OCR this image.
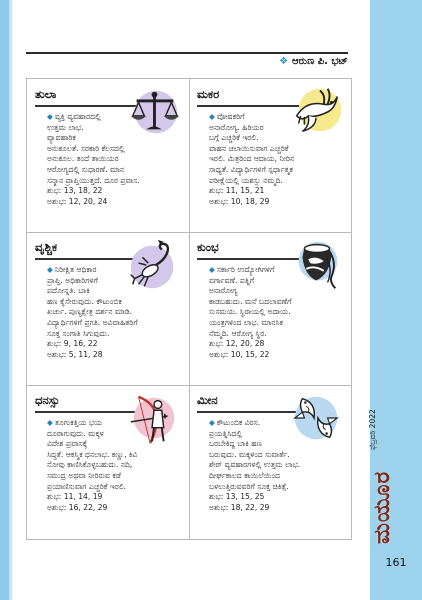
❖ ಆರುಣ ಪಿ. ಭಟ್
ತುಲಾ
◆ ವ್ಯಕ್ತಿ ವ್ಯವಹಾರದಲ್ಲಿ
ಉತ್ತಮ ಲಾಭ.
ವ್ಯಾವಹಾರಿಕ
ಅನುಕೂಲತೆ. ಸರಕಾರಿ ಕೆಲಸದಲ್ಲಿ
ಅನುಕೂಲ. ತಂದೆ ತಾಯಿಯರ
ಆರೋಗ್ಯದಲ್ಲಿ ಸುಧಾರಣೆ. ಮಾನ
ಸನ್ಮಾನ ಪ್ರಾಪ್ತಿಯುತ್ತದೆ. ದೂರ ಪ್ರವಾಸ.
ಶುಭ: 13, 18, 22
ಅಶುಭ: 12, 20, 24
ಮಕರ
◆ ವೋಷಕರಿಗೆ
ಅನಾರೋಗ್ಯ. ಹಿರಿಯರ
ಬಗ್ಗೆ ಎಚ್ಚರಿಕೆ ಇರಲಿ.
ವಾಹನ ಚಲಾಯಿಸುವಾಗ ಎಚ್ಚರಿಕೆ
ಇರಲಿ. ಮಿತ್ರರಿಂದ ಆದಾಯ, ನೀರಿನ
ಸಾಧ್ಯತೆ. ವಿದ್ಯಾರ್ಥಿಗಳಿಗೆ ಸ್ಪರ್ಧಾತ್ಮಕ
ಪರೀಕ್ಷೆಯಲ್ಲಿ ಯಶಸ್ಸು ನಮ್ಮದಿ.
ಶುಭ: 11, 15, 21
ಅಶುಭ: 10, 18, 29
ವೃಶ್ಚಿಕ
◆ ನಿರೀಕ್ಷಿತ ಆಧಿಕಾರ
ಪ್ರಾಪ್ತಿ. ಅಧಿಕಾರಿಗಳಿಗೆ
ಪದೋನ್ನತಿ. ಬಾಕಿ
ಹಣ ಕೈಸೇರುವುದು. ಕೌಟುಂಬಿಕ
ಖರ್ಚು. ಪುಣ್ಯಕ್ಷೇತ್ರ ದರ್ಶನ ಮಾಡಿ.
ವಿದ್ಯಾರ್ಥಿಗಳಿಗೆ ಪ್ರಗತಿ. ಅವಿವಾಹಿತರಿಗೆ
ಸೂಕ್ತ ಸಂಗಾತಿ ಸಿಗುವುದು.
ಶುಭ: 9, 16, 22
ಅಶುಭ: 5, 11, 28
ಕುಂಭ
◆ ಸರ್ಕಾರಿ ಉದ್ಯೋಗಿಗಳಿಗೆ
ವರ್ಗಾವಣೆ. ಪತ್ನಿಗೆ
ಅನಾರೋಗ್ಯ
ಕಾಡಬಹುದು. ಮನೆ ಬದಲಾವಣೆಗೆ
ಸುಸಮಯ. ಸ್ಥಿರಾಯಲ್ಲಿ ಅದಾಯ.
ಯಂತ್ರಗಳಿಂದ ಲಾಭ. ಮಾನಸಿಕ
ನೆಮ್ಮದಿ. ಆರೋಗ್ಯ ಸ್ಥಿರ.
ಶುಭ: 12, 20, 28
ಅಶುಭ: 10, 15, 22
ಧನಸ್ಸು
◆ ತೂಗುಕತ್ತಿಯ ಭಯ
ದೂರಾಗುವುದು. ಮಕ್ಕಳ
ವಿದೇಶ ಪ್ರವಾಸಕ್ಕೆ
ಸಿದ್ಧತೆ. ಆಕಸ್ಮಿಕ ಧನಲಾಭ. ಕಣ್ಣು, ಕಿವಿ
ನೋವು ಕಾಣಿಸಿಕೊಳ್ಳಬಹುದು. ನದಿ,
ಸಮುದ್ರ ಅಥವಾ ನೀರಿರುವ ಕಡೆ
ಪ್ರಯಾಣಿಸುವಾಗ ಎಚ್ಚರಿಕೆ ಇರಲಿ.
ಶುಭ: 11, 14, 19
ಅಶುಭ: 16, 22, 29
ಮೀನ
◆ ಕೌಟುಂಬಿಕ ವಿರಸ.
ಪ್ರಯತ್ನಿಸಿದಲ್ಲಿ
ಬರಬೇಕಿದ್ದ ಬಾಕಿ ಹಣ
ಬರುವುದು. ಮಕ್ಕಳಿಂದ ಸುವಾರ್ತೆ.
ಶೇರ್ ವ್ಯವಹಾರಗಳಲ್ಲಿ ಉತ್ತಮ ಲಾಭ.
ದೀರ್ಘಕಾಲದ ಕಾಯಿಲೆಯಿಂದ
ಬಳಲುತ್ತಿರುವವರಿಗೆ ಸೂಕ್ತ ಚಿಕಿತ್ಸೆ.
ಶುಭ: 13, 15, 25
ಅಶುಭ: 18, 22, 29
ಫೆಬ್ರವರಿ 2022
ಮಯೂರ
161
